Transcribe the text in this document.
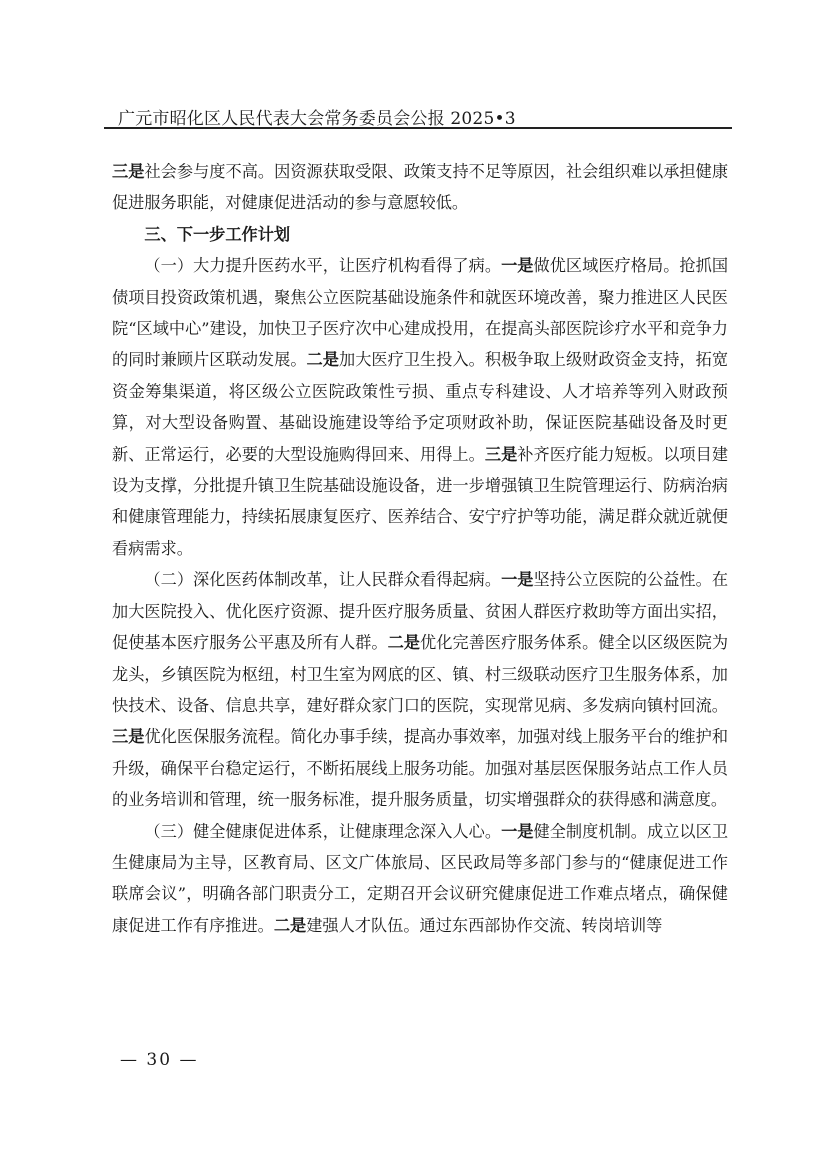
广元市昭化区人民代表大会常务委员会公报 2025•3

三是社会参与度不高。因资源获取受限、政策支持不足等原因，社会组织难以承担健康促进服务职能，对健康促进活动的参与意愿较低。

三、下一步工作计划

（一）大力提升医药水平，让医疗机构看得了病。一是做优区域医疗格局。抢抓国债项目投资政策机遇，聚焦公立医院基础设施条件和就医环境改善，聚力推进区人民医院“区域中心”建设，加快卫子医疗次中心建成投用，在提高头部医院诊疗水平和竞争力的同时兼顾片区联动发展。二是加大医疗卫生投入。积极争取上级财政资金支持，拓宽资金筹集渠道，将区级公立医院政策性亏损、重点专科建设、人才培养等列入财政预算，对大型设备购置、基础设施建设等给予定项财政补助，保证医院基础设备及时更新、正常运行，必要的大型设施购得回来、用得上。三是补齐医疗能力短板。以项目建设为支撑，分批提升镇卫生院基础设施设备，进一步增强镇卫生院管理运行、防病治病和健康管理能力，持续拓展康复医疗、医养结合、安宁疗护等功能，满足群众就近就便看病需求。

（二）深化医药体制改革，让人民群众看得起病。一是坚持公立医院的公益性。在加大医院投入、优化医疗资源、提升医疗服务质量、贫困人群医疗救助等方面出实招，促使基本医疗服务公平惠及所有人群。二是优化完善医疗服务体系。健全以区级医院为龙头，乡镇医院为枢纽，村卫生室为网底的区、镇、村三级联动医疗卫生服务体系，加快技术、设备、信息共享，建好群众家门口的医院，实现常见病、多发病向镇村回流。三是优化医保服务流程。简化办事手续，提高办事效率，加强对线上服务平台的维护和升级，确保平台稳定运行，不断拓展线上服务功能。加强对基层医保服务站点工作人员的业务培训和管理，统一服务标准，提升服务质量，切实增强群众的获得感和满意度。

（三）健全健康促进体系，让健康理念深入人心。一是健全制度机制。成立以区卫生健康局为主导，区教育局、区文广体旅局、区民政局等多部门参与的“健康促进工作联席会议”，明确各部门职责分工，定期召开会议研究健康促进工作难点堵点，确保健康促进工作有序推进。二是建强人才队伍。通过东西部协作交流、转岗培训等

— 30 —
